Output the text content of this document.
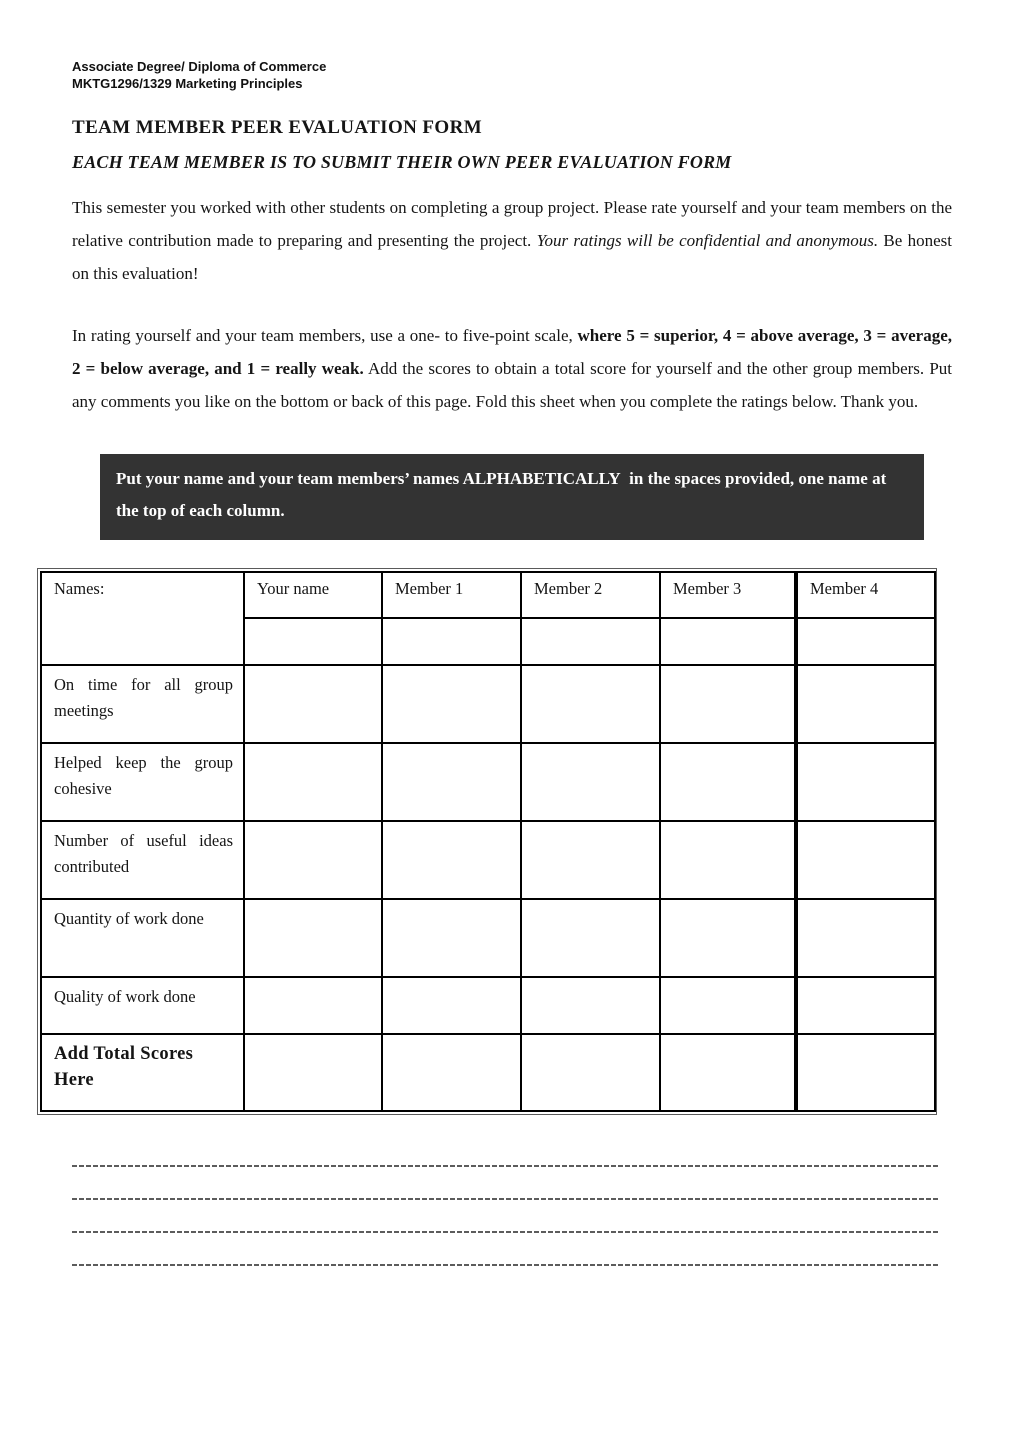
Associate Degree/ Diploma of Commerce
MKTG1296/1329 Marketing Principles
TEAM MEMBER PEER EVALUATION FORM
EACH TEAM MEMBER IS TO SUBMIT THEIR OWN PEER EVALUATION FORM

This semester you worked with other students on completing a group project. Please rate yourself and your team members on the relative contribution made to preparing and presenting the project. Your ratings will be confidential and anonymous. Be honest on this evaluation!

In rating yourself and your team members, use a one- to five-point scale, where 5 = superior, 4 = above average, 3 = average, 2 = below average, and 1 = really weak. Add the scores to obtain a total score for yourself and the other group members. Put any comments you like on the bottom or back of this page. Fold this sheet when you complete the ratings below. Thank you.

Put your name and your team members’ names ALPHABETICALLY  in the spaces provided, one name at the top of each column.
Names:	Your name	Member 1	Member 2	Member 3	Member 4

On time for all group meetings					
Helped keep the group cohesive					
Number of useful ideas contributed					
Quantity of work done					
Quality of work done					
Add Total Scores Here					
